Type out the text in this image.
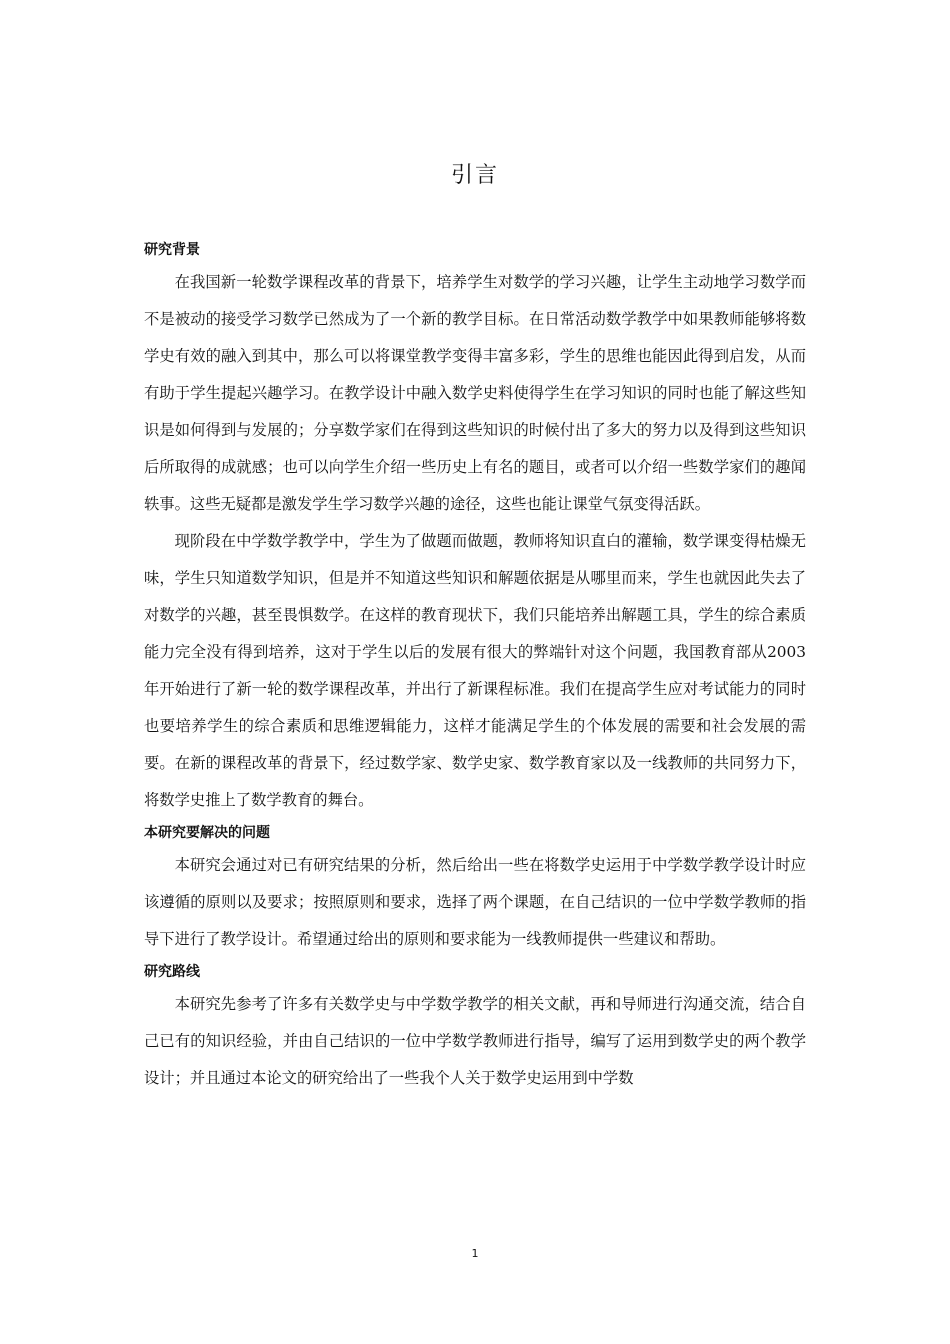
引言
研究背景

在我国新一轮数学课程改革的背景下，培养学生对数学的学习兴趣，让学生主动地学习数学而不是被动的接受学习数学已然成为了一个新的教学目标。在日常活动数学教学中如果教师能够将数学史有效的融入到其中，那么可以将课堂教学变得丰富多彩，学生的思维也能因此得到启发，从而有助于学生提起兴趣学习。在教学设计中融入数学史料使得学生在学习知识的同时也能了解这些知识是如何得到与发展的；分享数学家们在得到这些知识的时候付出了多大的努力以及得到这些知识后所取得的成就感；也可以向学生介绍一些历史上有名的题目，或者可以介绍一些数学家们的趣闻轶事。这些无疑都是激发学生学习数学兴趣的途径，这些也能让课堂气氛变得活跃。

现阶段在中学数学教学中，学生为了做题而做题，教师将知识直白的灌输，数学课变得枯燥无味，学生只知道数学知识，但是并不知道这些知识和解题依据是从哪里而来，学生也就因此失去了对数学的兴趣，甚至畏惧数学。在这样的教育现状下，我们只能培养出解题工具，学生的综合素质能力完全没有得到培养，这对于学生以后的发展有很大的弊端针对这个问题，我国教育部从2003年开始进行了新一轮的数学课程改革，并出行了新课程标准。我们在提高学生应对考试能力的同时也要培养学生的综合素质和思维逻辑能力，这样才能满足学生的个体发展的需要和社会发展的需要。在新的课程改革的背景下，经过数学家、数学史家、数学教育家以及一线教师的共同努力下，将数学史推上了数学教育的舞台。

本研究要解决的问题

本研究会通过对已有研究结果的分析，然后给出一些在将数学史运用于中学数学教学设计时应该遵循的原则以及要求；按照原则和要求，选择了两个课题，在自己结识的一位中学数学教师的指导下进行了教学设计。希望通过给出的原则和要求能为一线教师提供一些建议和帮助。

研究路线

本研究先参考了许多有关数学史与中学数学教学的相关文献，再和导师进行沟通交流，结合自己已有的知识经验，并由自己结识的一位中学数学教师进行指导，编写了运用到数学史的两个教学设计；并且通过本论文的研究给出了一些我个人关于数学史运用到中学数

1
